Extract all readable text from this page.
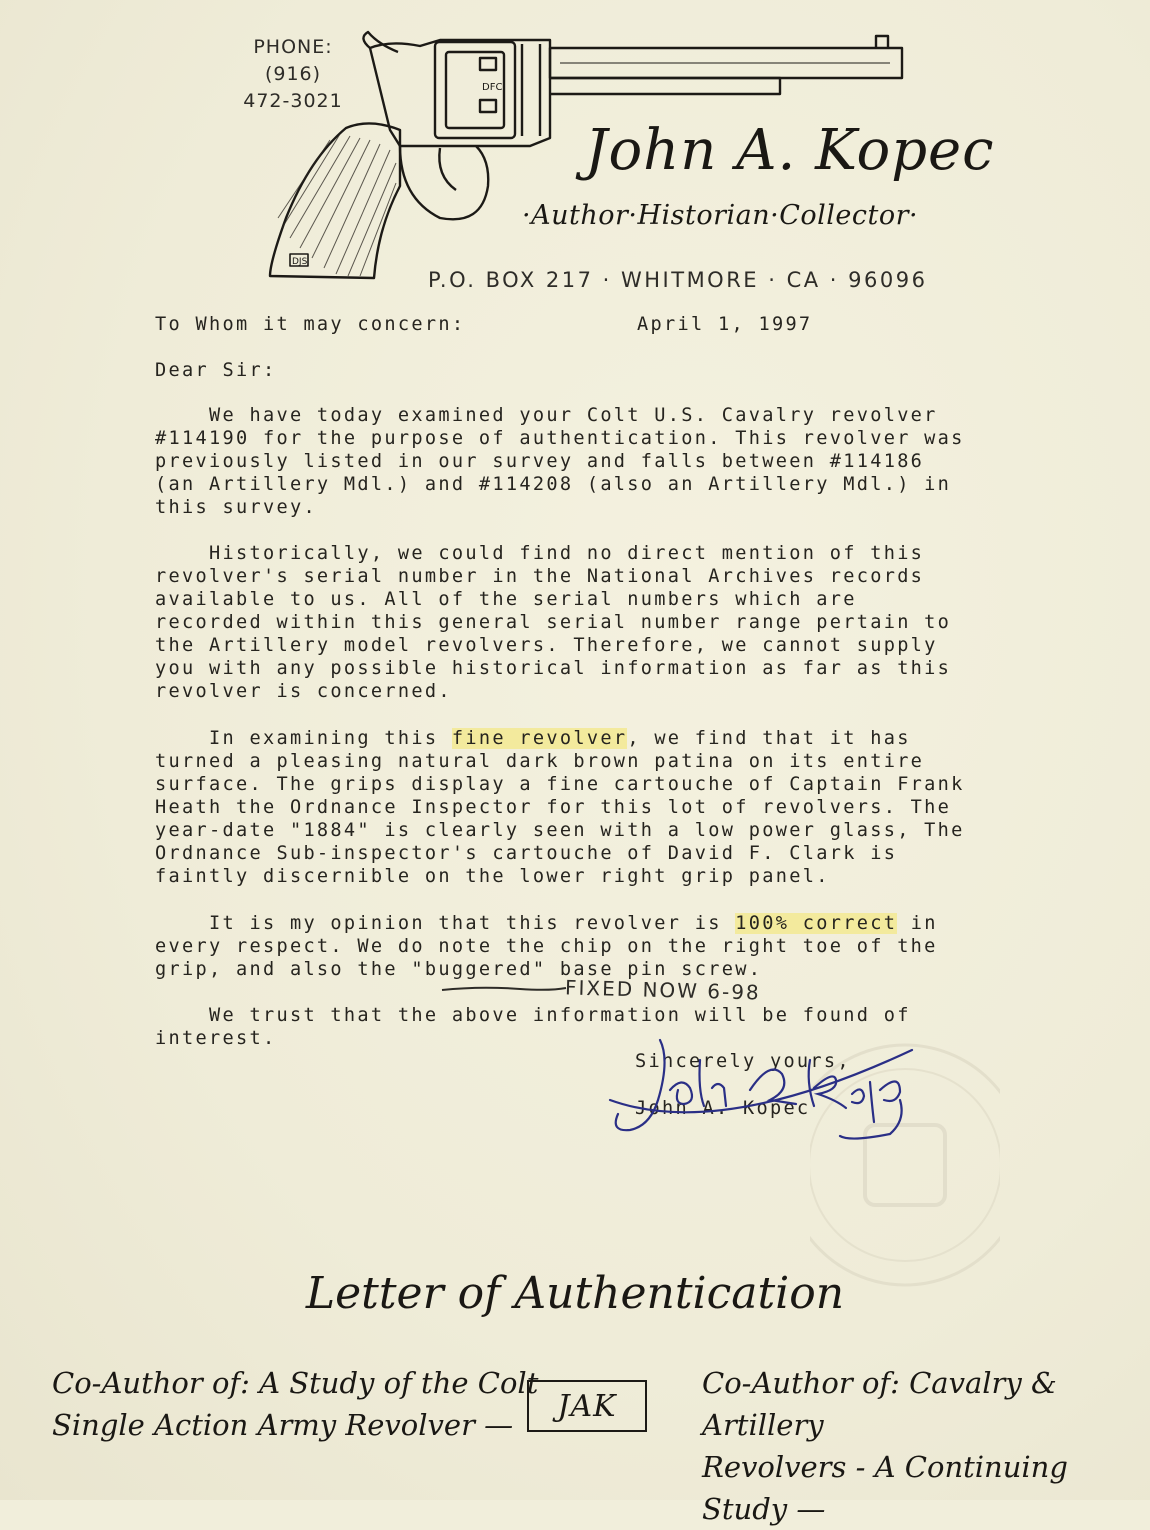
PHONE:
(916)
472-3021
DFC
DJS
John A. Kopec
·Author·Historian·Collector·
P.O. BOX 217 · WHITMORE · CA · 96096
To Whom it may concern:	April 1, 1997
Dear Sir:
We have today examined your Colt U.S. Cavalry revolver
#114190 for the purpose of authentication. This revolver was
previously listed in our survey and falls between #114186
(an Artillery Mdl.) and #114208 (also an Artillery Mdl.) in
this survey.
Historically, we could find no direct mention of this
revolver's serial number in the National Archives records
available to us. All of the serial numbers which are
recorded within this general serial number range pertain to
the Artillery model revolvers. Therefore, we cannot supply
you with any possible historical information as far as this
revolver is concerned.
In examining this fine revolver, we find that it has
turned a pleasing natural dark brown patina on its entire
surface. The grips display a fine cartouche of Captain Frank
Heath the Ordnance Inspector for this lot of revolvers. The
year-date "1884" is clearly seen with a low power glass, The
Ordnance Sub-inspector's cartouche of David F. Clark is
faintly discernible on the lower right grip panel.
It is my opinion that this revolver is 100% correct in
every respect. We do note the chip on the right toe of the
grip, and also the "buggered" base pin screw.
FIXED NOW 6-98
We trust that the above information will be found of
interest.
Sincerely yours,
John A. Kopec
Letter of Authentication
Co-Author of: A Study of the Colt
Single Action Army Revolver —
JAK
Co-Author of: Cavalry & Artillery
Revolvers - A Continuing Study —
